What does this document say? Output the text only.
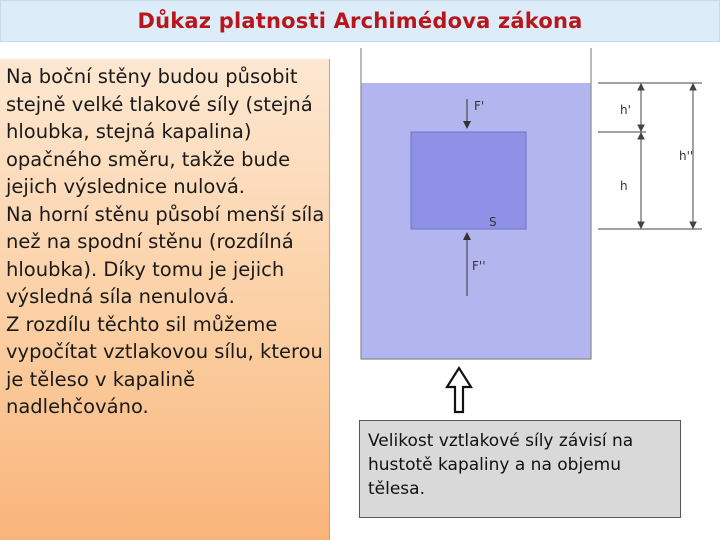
Důkaz platnosti Archimédova zákona

Na boční stěny budou působit stejně velké tlakové síly (stejná hloubka, stejná kapalina) opačného směru, takže bude jejich výslednice nulová.

Na horní stěnu působí menší síla než na spodní stěnu (rozdílná hloubka). Díky tomu je jejich výsledná síla nenulová.

Z rozdílu těchto sil můžeme vypočítat vztlakovou sílu, kterou je těleso v kapalině nadlehčováno.

F'
F''
S
h'
h''
h
Velikost vztlakové síly závisí na hustotě kapaliny a na objemu tělesa.
